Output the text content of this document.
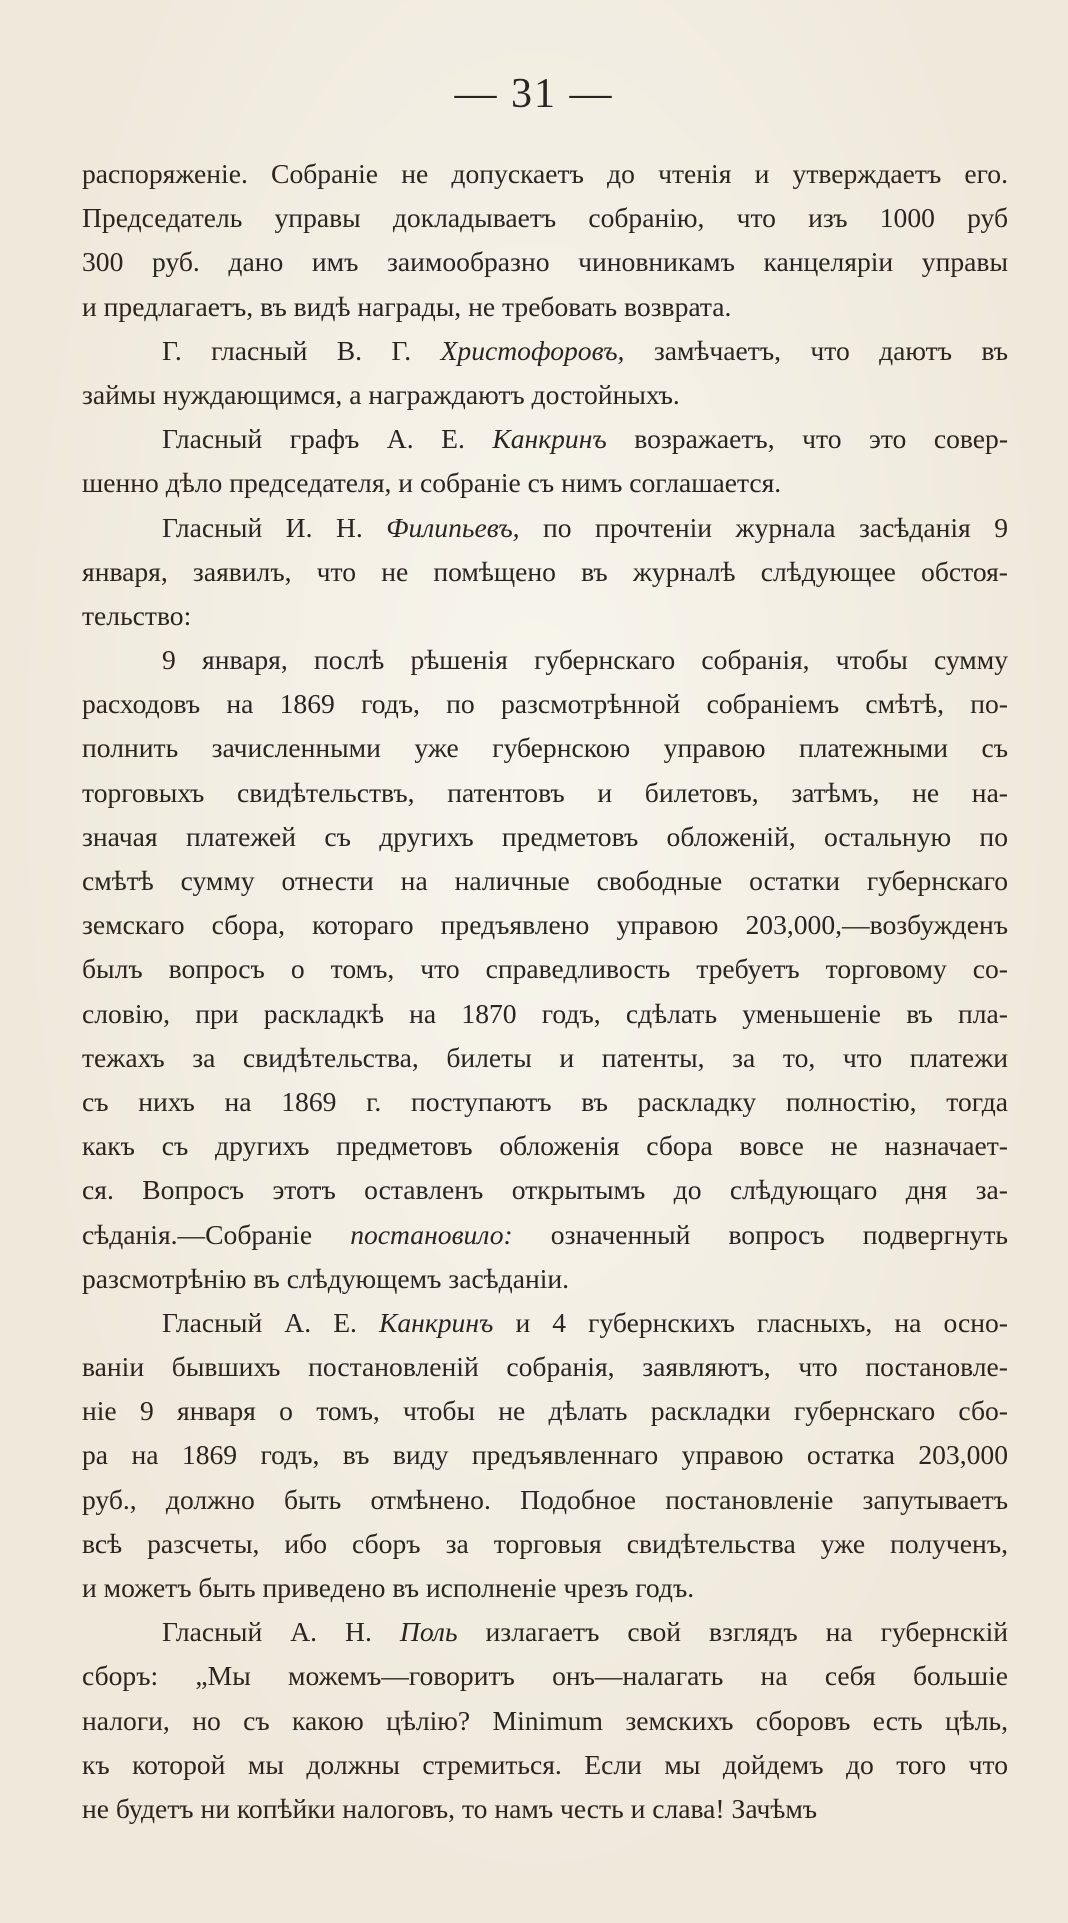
— 31 —
распоряженіе. Собраніе не допускаетъ до чтенія и утверждаетъ его.
Председатель управы докладываетъ собранію, что изъ 1000 руб
300 руб. дано имъ заимообразно чиновникамъ канцеляріи управы
и предлагаетъ, въ видѣ награды, не требовать возврата.
Г. гласный В. Г. Христофоровъ, замѣчаетъ, что даютъ въ
займы нуждающимся, а награждаютъ достойныхъ.
Гласный графъ А. Е. Канкринъ возражаетъ, что это совер-
шенно дѣло председателя, и собраніе съ нимъ соглашается.
Гласный И. Н. Филипьевъ, по прочтеніи журнала засѣданія 9
января, заявилъ, что не помѣщено въ журналѣ слѣдующее обстоя-
тельство:
9 января, послѣ рѣшенія губернскаго собранія, чтобы сумму
расходовъ на 1869 годъ, по разсмотрѣнной собраніемъ смѣтѣ, по-
полнить зачисленными уже губернскою управою платежными съ
торговыхъ свидѣтельствъ, патентовъ и билетовъ, затѣмъ, не на-
значая платежей съ другихъ предметовъ обложеній, остальную по
смѣтѣ сумму отнести на наличные свободные остатки губернскаго
земскаго сбора, котораго предъявлено управою 203,000,—возбужденъ
былъ вопросъ о томъ, что справедливость требуетъ торговому со-
словію, при раскладкѣ на 1870 годъ, сдѣлать уменьшеніе въ пла-
тежахъ за свидѣтельства, билеты и патенты, за то, что платежи
съ нихъ на 1869 г. поступаютъ въ раскладку полностію, тогда
какъ съ другихъ предметовъ обложенія сбора вовсе не назначает-
ся. Вопросъ этотъ оставленъ открытымъ до слѣдующаго дня за-
сѣданія.—Собраніе постановило: означенный вопросъ подвергнуть
разсмотрѣнію въ слѣдующемъ засѣданіи.
Гласный А. Е. Канкринъ и 4 губернскихъ гласныхъ, на осно-
ваніи бывшихъ постановленій собранія, заявляютъ, что постановле-
ніе 9 января о томъ, чтобы не дѣлать раскладки губернскаго сбо-
ра на 1869 годъ, въ виду предъявленнаго управою остатка 203,000
руб., должно быть отмѣнено. Подобное постановленіе запутываетъ
всѣ разсчеты, ибо сборъ за торговыя свидѣтельства уже полученъ,
и можетъ быть приведено въ исполненіе чрезъ годъ.
Гласный А. Н. Поль излагаетъ свой взглядъ на губернскій
сборъ: „Мы можемъ—говоритъ онъ—налагать на себя большіе
налоги, но съ какою цѣлію? Minimum земскихъ сборовъ есть цѣль,
къ которой мы должны стремиться. Если мы дойдемъ до того что
не будетъ ни копѣйки налоговъ, то намъ честь и слава! Зачѣмъ
